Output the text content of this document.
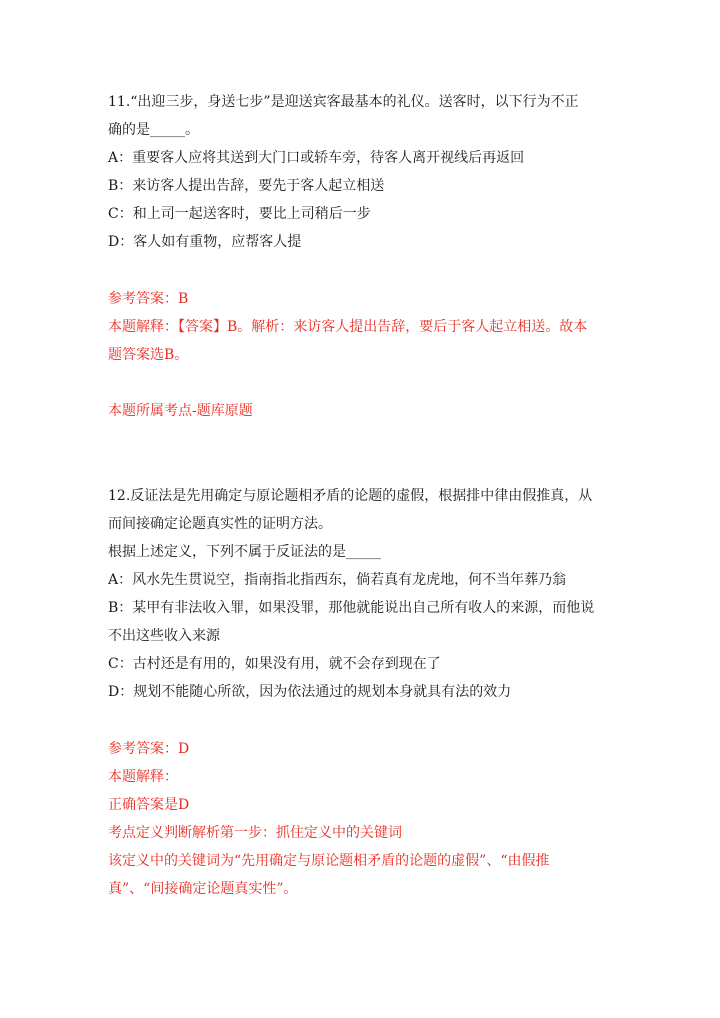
11.“出迎三步，身送七步”是迎送宾客最基本的礼仪。送客时，以下行为不正
确的是_____。
A：重要客人应将其送到大门口或轿车旁，待客人离开视线后再返回
B：来访客人提出告辞，要先于客人起立相送
C：和上司一起送客时，要比上司稍后一步
D：客人如有重物，应帮客人提
参考答案：B
本题解释：【答案】B。解析：来访客人提出告辞，要后于客人起立相送。故本
题答案选B。
本题所属考点-题库原题
12.反证法是先用确定与原论题相矛盾的论题的虚假，根据排中律由假推真，从
而间接确定论题真实性的证明方法。
根据上述定义，下列不属于反证法的是_____
A：风水先生贯说空，指南指北指西东，倘若真有龙虎地，何不当年葬乃翁
B：某甲有非法收入罪，如果没罪，那他就能说出自己所有收人的来源，而他说
不出这些收入来源
C：古村还是有用的，如果没有用，就不会存到现在了
D：规划不能随心所欲，因为依法通过的规划本身就具有法的效力
参考答案：D
本题解释：
正确答案是D
考点定义判断解析第一步：抓住定义中的关键词
该定义中的关键词为“先用确定与原论题相矛盾的论题的虚假”、“由假推
真”、“间接确定论题真实性”。
